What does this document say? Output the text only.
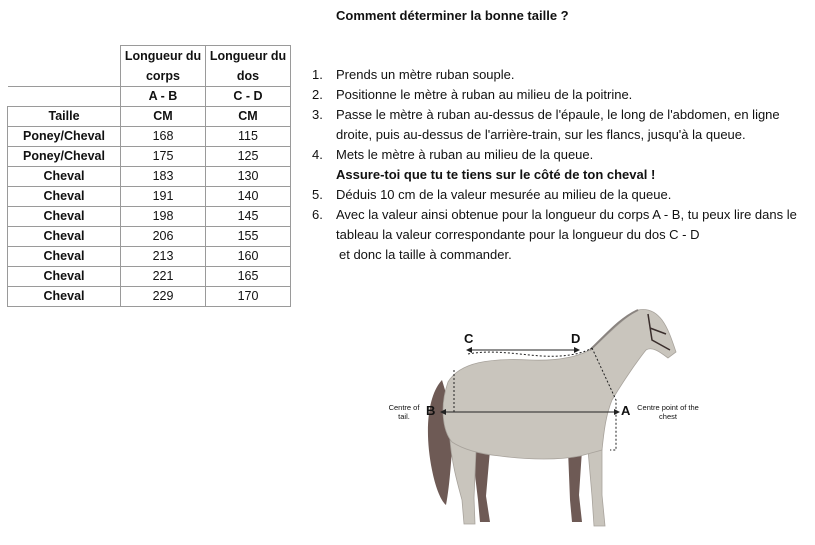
Comment déterminer la bonne taille ?
	Longueur du corps	Longueur du dos
	A - B	C - D
Taille	CM	CM
Poney/Cheval	168	115
Poney/Cheval	175	125
Cheval	183	130
Cheval	191	140
Cheval	198	145
Cheval	206	155
Cheval	213	160
Cheval	221	165
Cheval	229	170
1.	Prends un mètre ruban souple.
2.	Positionne le mètre à ruban au milieu de la poitrine.
3.	Passe le mètre à ruban au-dessus de l'épaule, le long de l'abdomen, en ligne droite, puis au-dessus de l'arrière-train, sur les flancs, jusqu'à la queue.
4.	Mets le mètre à ruban au milieu de la queue.
Assure-toi que tu te tiens sur le côté de ton cheval !
5.	Déduis 10 cm de la valeur mesurée au milieu de la queue.
6.	Avec la valeur ainsi obtenue pour la longueur du corps A - B, tu peux lire dans le tableau la valeur correspondante pour la longueur du dos C - D
et donc la taille à commander.
C	D
B	A
Centre of tail.
Centre point of the chest
